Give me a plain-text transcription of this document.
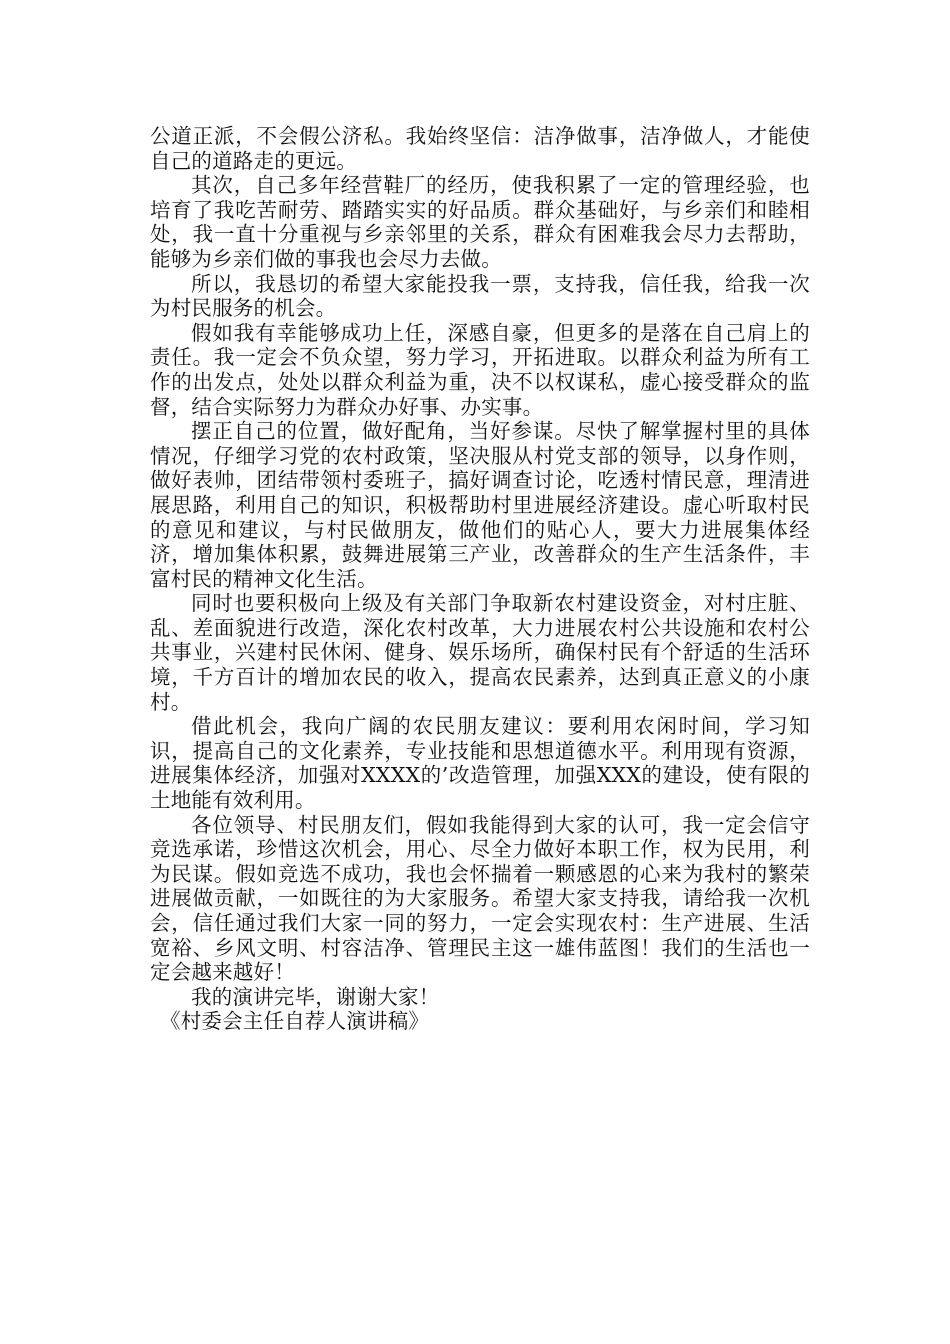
公道正派，不会假公济私。我始终坚信：洁净做事，洁净做人，才能使自己的道路走的更远。

其次，自己多年经营鞋厂的经历，使我积累了一定的管理经验，也培育了我吃苦耐劳、踏踏实实的好品质。群众基础好，与乡亲们和睦相处，我一直十分重视与乡亲邻里的关系，群众有困难我会尽力去帮助，能够为乡亲们做的事我也会尽力去做。

所以，我恳切的希望大家能投我一票，支持我，信任我，给我一次为村民服务的机会。

假如我有幸能够成功上任，深感自豪，但更多的是落在自己肩上的责任。我一定会不负众望，努力学习，开拓进取。以群众利益为所有工作的出发点，处处以群众利益为重，决不以权谋私，虚心接受群众的监督，结合实际努力为群众办好事、办实事。

摆正自己的位置，做好配角，当好参谋。尽快了解掌握村里的具体情况，仔细学习党的农村政策，坚决服从村党支部的领导，以身作则，做好表帅，团结带领村委班子，搞好调查讨论，吃透村情民意，理清进展思路，利用自己的知识，积极帮助村里进展经济建设。虚心听取村民的意见和建议，与村民做朋友，做他们的贴心人，要大力进展集体经济，增加集体积累，鼓舞进展第三产业，改善群众的生产生活条件，丰富村民的精神文化生活。

同时也要积极向上级及有关部门争取新农村建设资金，对村庄脏、乱、差面貌进行改造，深化农村改革，大力进展农村公共设施和农村公共事业，兴建村民休闲、健身、娱乐场所，确保村民有个舒适的生活环境，千方百计的增加农民的收入，提高农民素养，达到真正意义的小康村。

借此机会，我向广阔的农民朋友建议：要利用农闲时间，学习知识，提高自己的文化素养，专业技能和思想道德水平。利用现有资源，进展集体经济，加强对XXXX的’改造管理，加强XXX的建设，使有限的土地能有效利用。

各位领导、村民朋友们，假如我能得到大家的认可，我一定会信守竞选承诺，珍惜这次机会，用心、尽全力做好本职工作，权为民用，利为民谋。假如竞选不成功，我也会怀揣着一颗感恩的心来为我村的繁荣进展做贡献，一如既往的为大家服务。希望大家支持我，请给我一次机会，信任通过我们大家一同的努力，一定会实现农村：生产进展、生活宽裕、乡风文明、村容洁净、管理民主这一雄伟蓝图！我们的生活也一定会越来越好！

我的演讲完毕，谢谢大家！

《村委会主任自荐人演讲稿》
